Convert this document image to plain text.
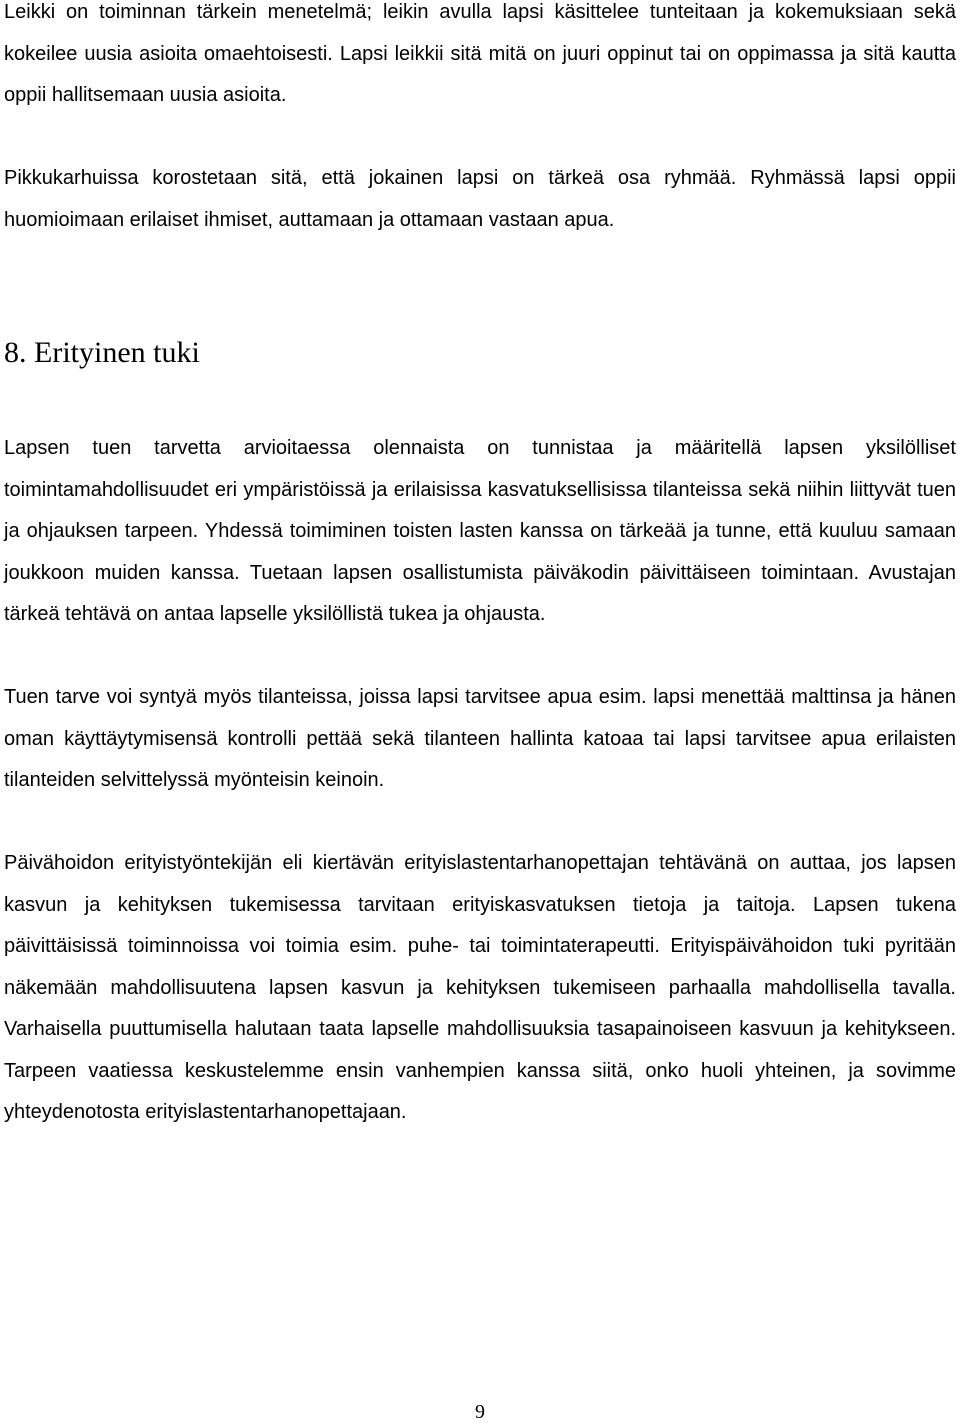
Leikki on toiminnan tärkein menetelmä; leikin avulla lapsi käsittelee tunteitaan ja kokemuksiaan sekä kokeilee uusia asioita omaehtoisesti. Lapsi leikkii sitä mitä on juuri oppinut tai on oppimassa ja sitä kautta oppii hallitsemaan uusia asioita.

Pikkukarhuissa korostetaan sitä, että jokainen lapsi on tärkeä osa ryhmää. Ryhmässä lapsi oppii huomioimaan erilaiset ihmiset, auttamaan ja ottamaan vastaan apua.

8. Erityinen tuki

Lapsen tuen tarvetta arvioitaessa olennaista on tunnistaa ja määritellä lapsen yksilölliset toimintamahdollisuudet eri ympäristöissä ja erilaisissa kasvatuksellisissa tilanteissa sekä niihin liittyvät tuen ja ohjauksen tarpeen. Yhdessä toimiminen toisten lasten kanssa on tärkeää ja tunne, että kuuluu samaan joukkoon muiden kanssa. Tuetaan lapsen osallistumista päiväkodin päivittäiseen toimintaan. Avustajan tärkeä tehtävä on antaa lapselle yksilöllistä tukea ja ohjausta.

Tuen tarve voi syntyä myös tilanteissa, joissa lapsi tarvitsee apua esim. lapsi menettää malttinsa ja hänen oman käyttäytymisensä kontrolli pettää sekä tilanteen hallinta katoaa tai lapsi tarvitsee apua erilaisten tilanteiden selvittelyssä myönteisin keinoin.

Päivähoidon erityistyöntekijän eli kiertävän erityislastentarhanopettajan tehtävänä on auttaa, jos lapsen kasvun ja kehityksen tukemisessa tarvitaan erityiskasvatuksen tietoja ja taitoja. Lapsen tukena päivittäisissä toiminnoissa voi toimia esim. puhe- tai toimintaterapeutti. Erityispäivähoidon tuki pyritään näkemään mahdollisuutena lapsen kasvun ja kehityksen tukemiseen parhaalla mahdollisella tavalla. Varhaisella puuttumisella halutaan taata lapselle mahdollisuuksia tasapainoiseen kasvuun ja kehitykseen. Tarpeen vaatiessa keskustelemme ensin vanhempien kanssa siitä, onko huoli yhteinen, ja sovimme yhteydenotosta erityislastentarhanopettajaan.

9
